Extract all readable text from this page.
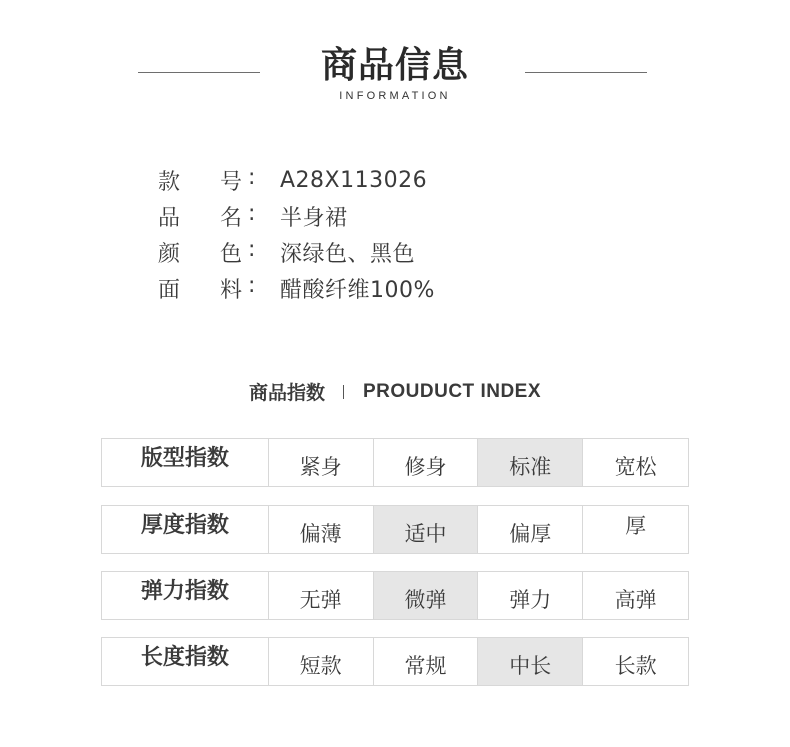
商品信息
INFORMATION
款 号 : A28X113026
品 名 : 半身裙
颜 色 : 深绿色、黑色
面 料 : 醋酸纤维100%
商品指数 PROUDUCT INDEX
版型指数	紧身	修身	标准	宽松
厚度指数	偏薄	适中	偏厚	厚
弹力指数	无弹	微弹	弹力	高弹
长度指数	短款	常规	中长	长款
